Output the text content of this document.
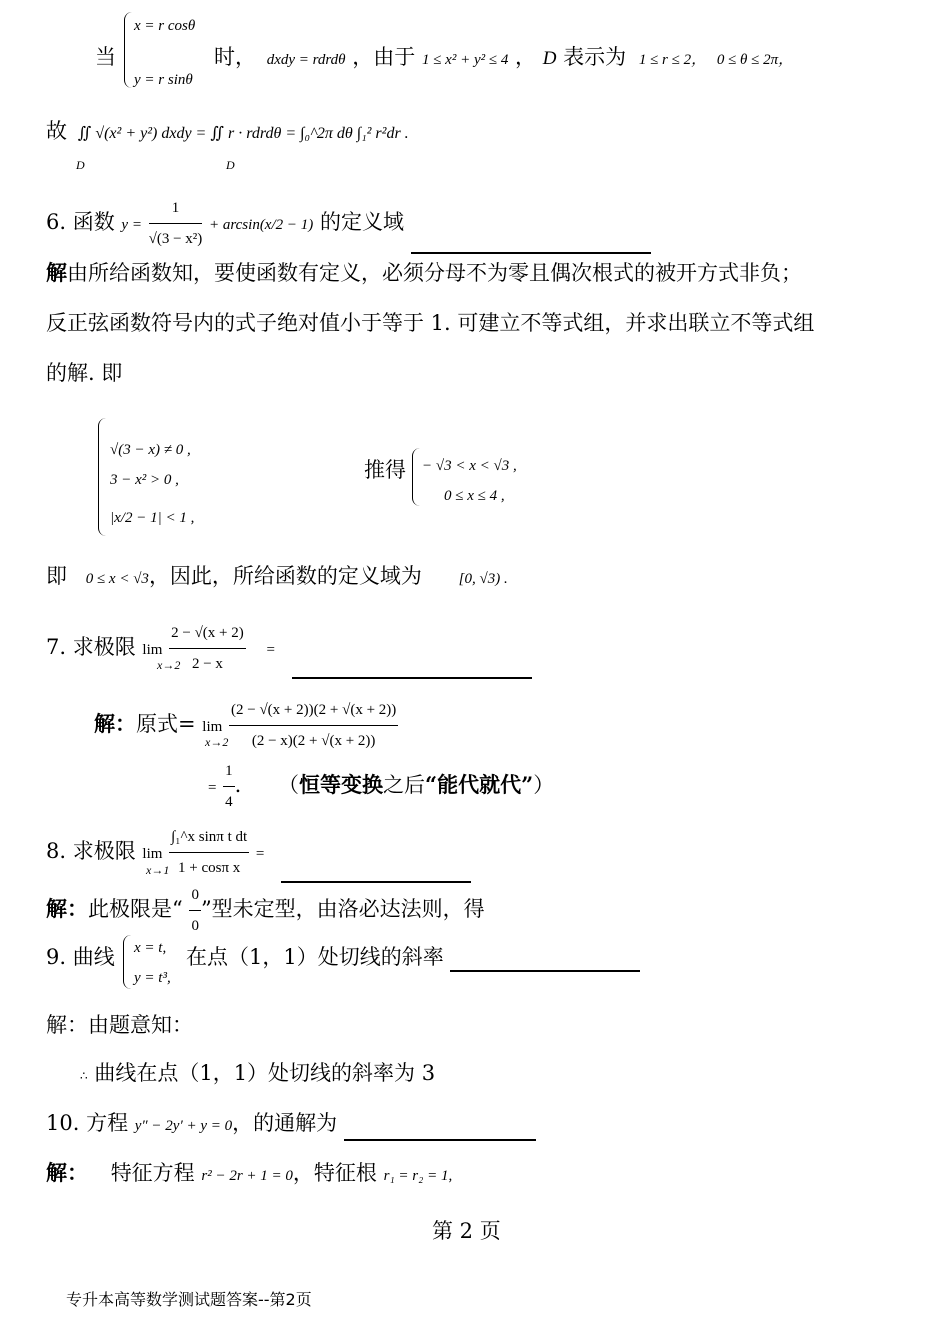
当
x = r cosθ
y = r sinθ
时， dxdy = rdrdθ ，由于 1 ≤ x² + y² ≤ 4 ， D 表示为 1 ≤ r ≤ 2， 0 ≤ θ ≤ 2π，
故 ∬ √(x² + y²) dxdy = ∬ r · rdrdθ = ∫₀^2π dθ ∫₁² r²dr .
D	D
6. 函数 $y = \frac{1}{\text{√(3 − x²)}} + \arcsin(x/2 - 1)$ 的定义域
解由所给函数知，要使函数有定义，必须分母不为零且偶次根式的被开方式非负；
反正弦函数符号内的式子绝对值小于等于 1. 可建立不等式组，并求出联立不等式组
的解. 即
√(3 − x) ≠ 0 ,
3 − x² > 0 ,
|x/2 − 1| < 1 ,
推得 − √3 < x < √3 ,
0 ≤ x ≤ 4 ,
即 0 ≤ x < √3，因此，所给函数的定义域为 [0, √3) .
7. 求极限 $\lim \frac{2 - √(x + 2)}{2 - x}$ =
x→2
解：原式= $\lim \frac{(2 - √(x + 2))(2 + √(x + 2))}{(2 - x)(2 + √(x + 2))}$
x→2
= $\frac{1}{4}$ . （恒等变换之后“能代就代”）
8. 求极限 $\lim \frac{\text{∫₁\textasciicircum{}x sinπ t dt}}{\text{1 + cosπ x}}$ =
x→1
解：此极限是“ $\frac{0}{0}$ ”型未定型，由洛必达法则，得
9. 曲线 x = t,
y = t³,
在点（1，1）处切线的斜率
解：由题意知：
∴ 曲线在点（1，1）处切线的斜率为 3
10. 方程 y″ − 2y′ + y = 0，的通解为
解： 特征方程 r² − 2r + 1 = 0，特征根 r₁ = r₂ = 1,
第 2 页
专升本高等数学测试题答案--第2页
